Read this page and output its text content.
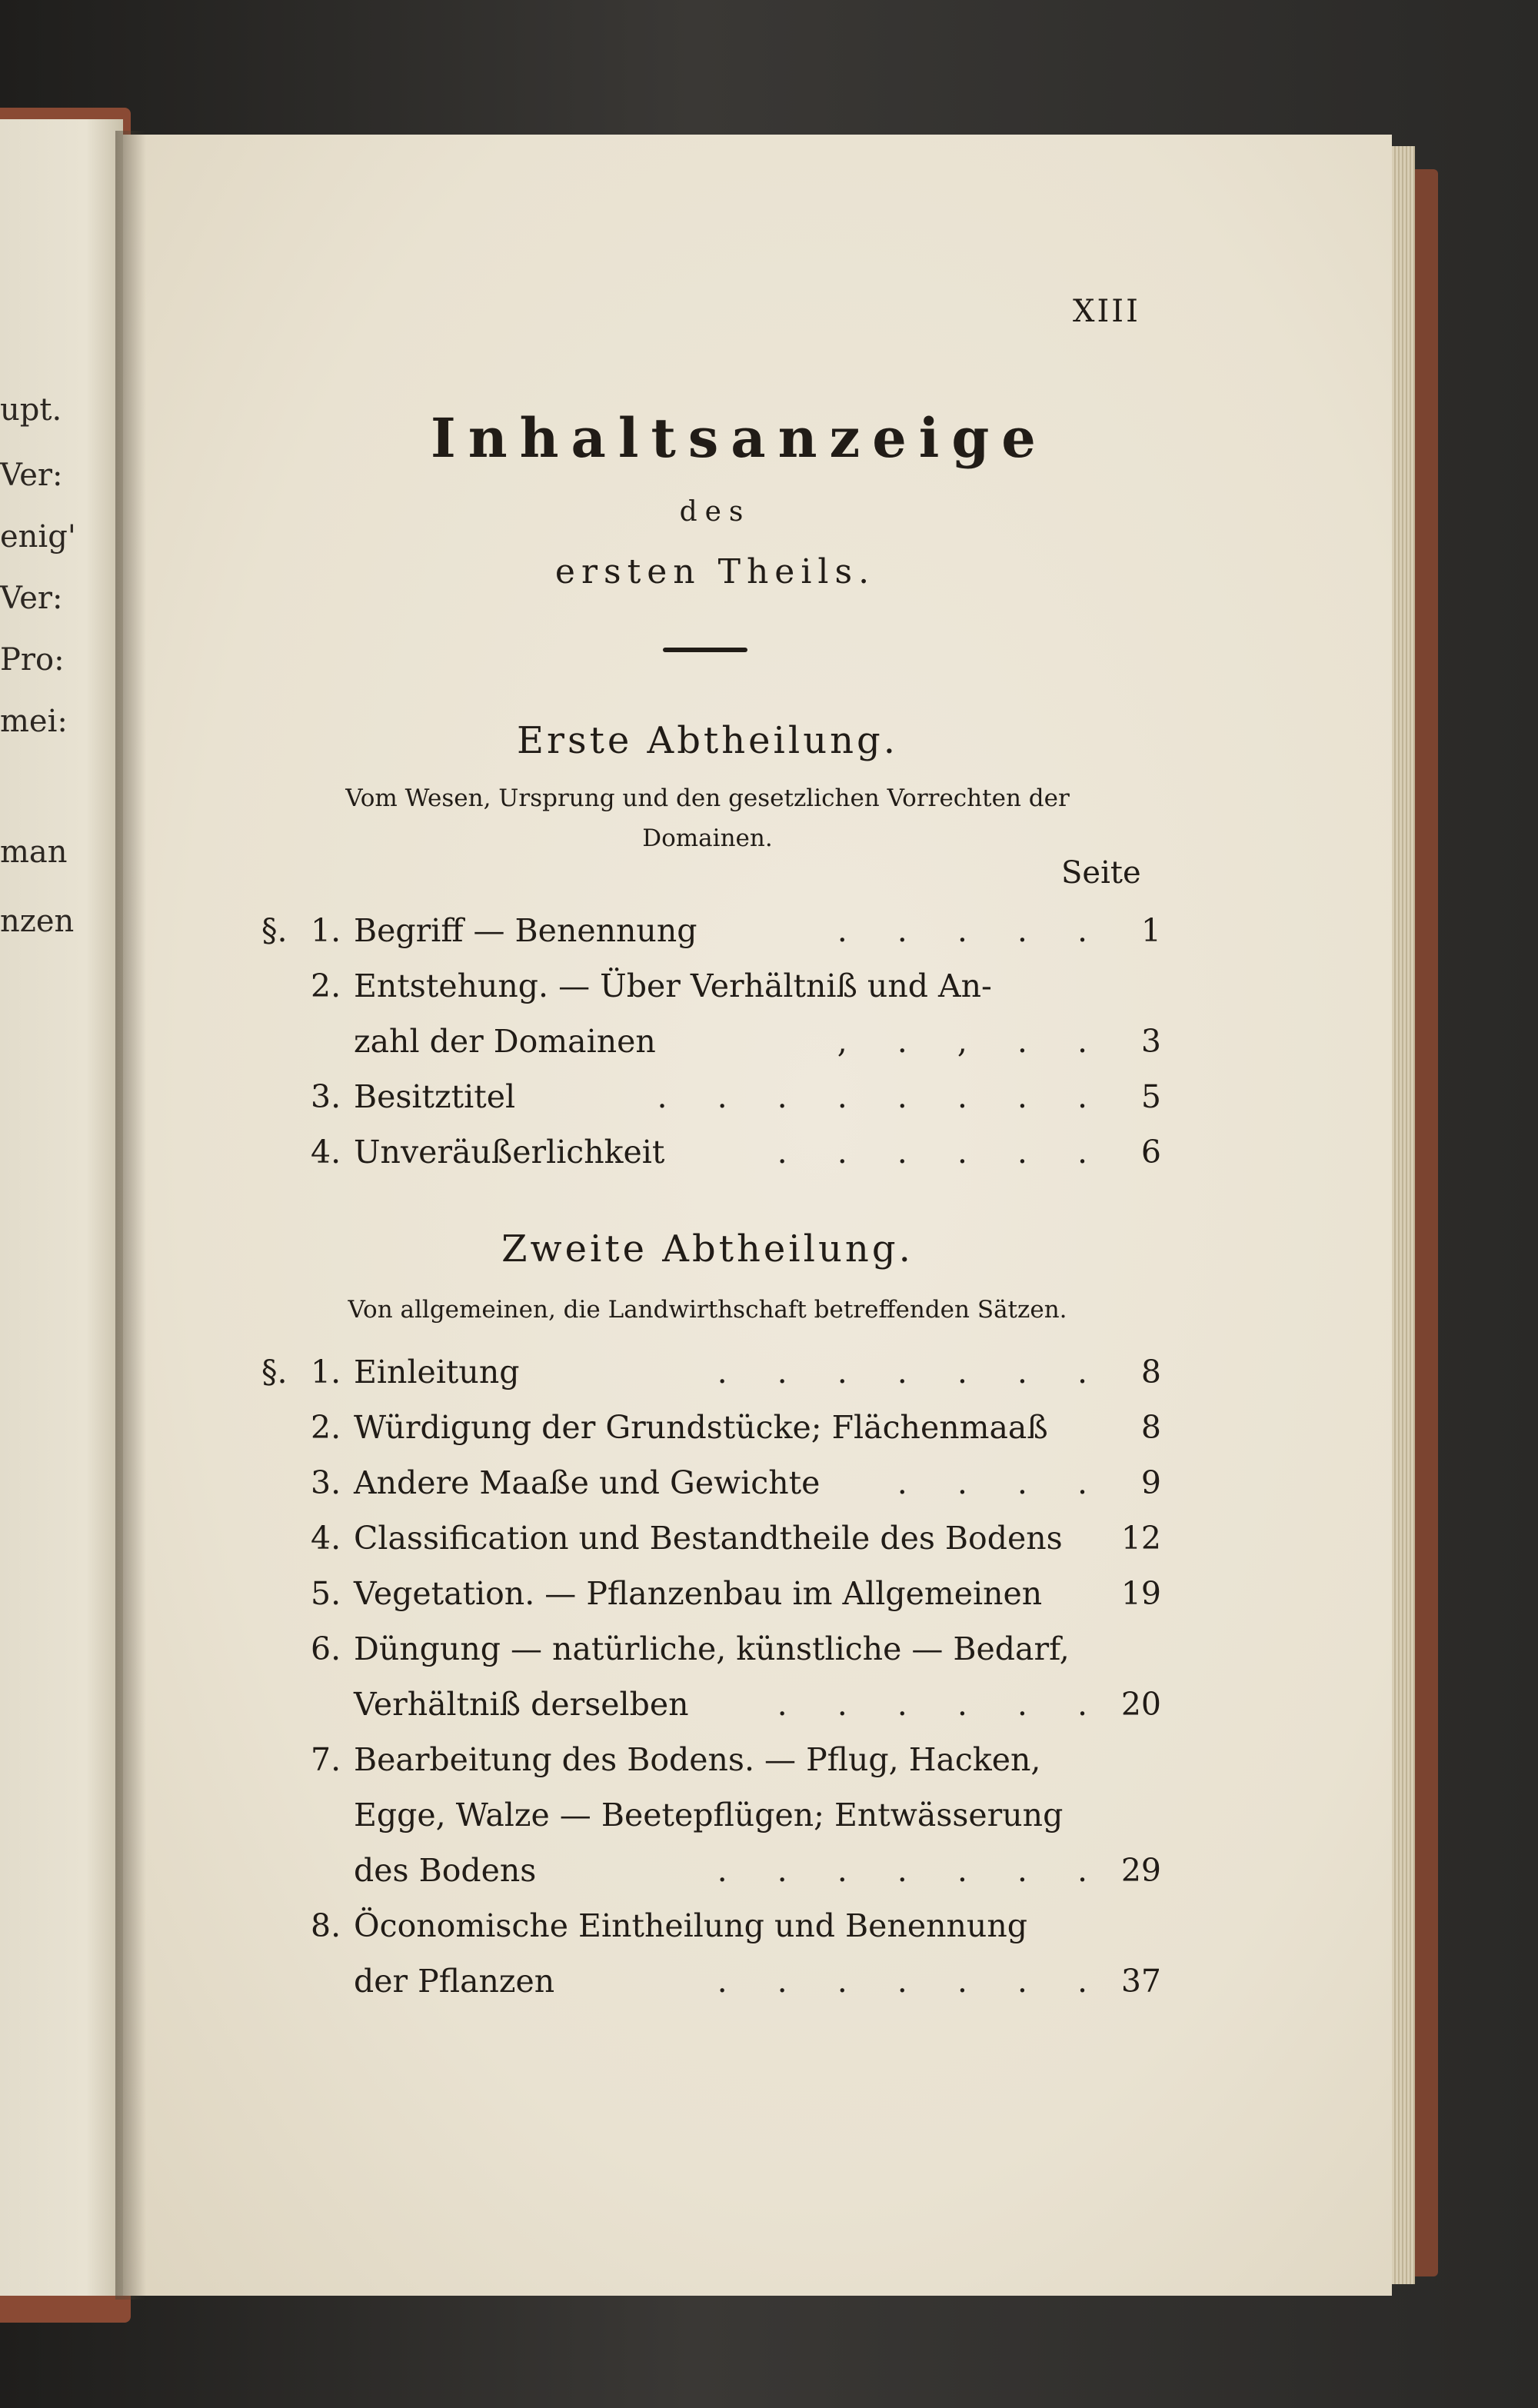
upt.
Ver:
enig'
Ver:
Pro:
mei:
man
nzen
XIII
Inhaltsanzeige
des
ersten Theils.
Erste Abtheilung.
Vom Wesen, Ursprung und den gesetzlichen Vorrechten der
Domainen.
Seite
§. 1. Begriff — Benennung	. . . . .	1
2. Entstehung. — Über Verhältniß und An-
zahl der Domainen	, . , . .	3
3. Besitztitel	. . . . . . . .	5
4. Unveräußerlichkeit	. . . . . .	6
Zweite Abtheilung.
Von allgemeinen, die Landwirthschaft betreffenden Sätzen.
§. 1. Einleitung	. . . . . . .	8
2. Würdigung der Grundstücke; Flächenmaaß	8
3. Andere Maaße und Gewichte . . . .	9
4. Classification und Bestandtheile des Bodens 12
5. Vegetation. — Pflanzenbau im Allgemeinen	19
6. Düngung — natürliche, künstliche — Bedarf,
Verhältniß derselben	. . . . . . 20
7. Bearbeitung des Bodens. — Pflug, Hacken,
Egge, Walze — Beetepflügen; Entwässerung
des Bodens	. . . . . . . 29
8. Öconomische Eintheilung und Benennung
der Pflanzen	. . . . . . . 37
